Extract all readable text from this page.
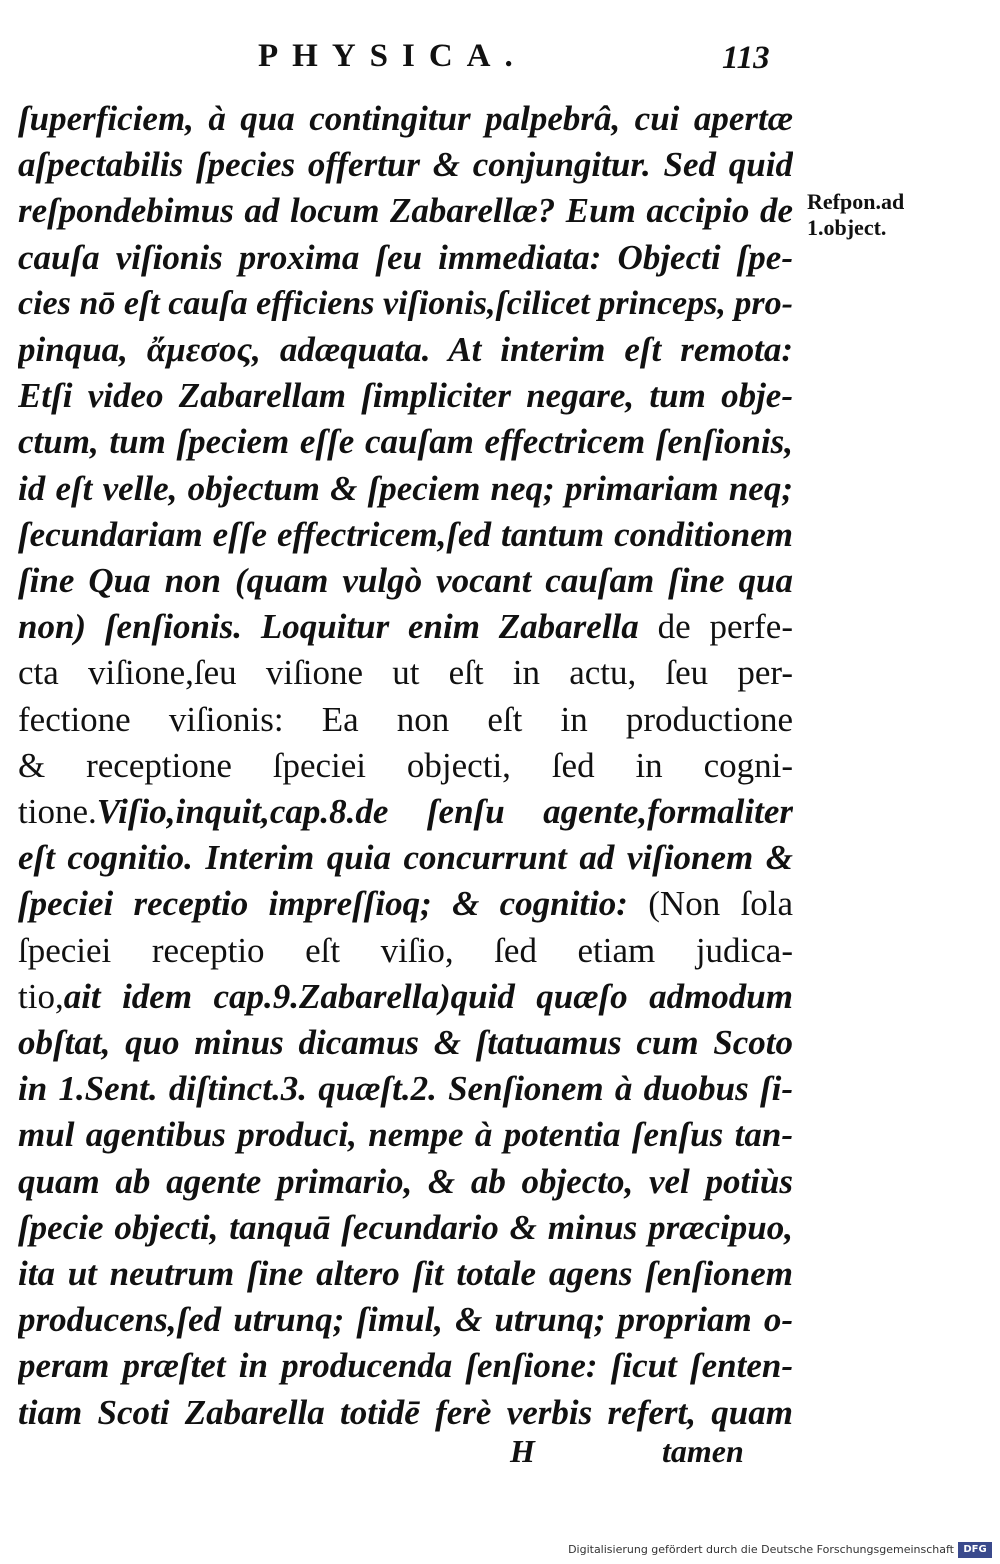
PHYSICA.	113
ſuperficiem, à qua contingitur palpebrâ, cui apertæ
aſpectabilis ſpecies offertur & conjungitur. Sed quid
reſpondebimus ad locum Zabarellæ? Eum accipio de
cauſa viſionis proxima ſeu immediata: Objecti ſpe-
cies nō eſt cauſa efficiens viſionis,ſcilicet princeps, pro-
pinqua, ἄμεσος, adæquata. At interim eſt remota:
Etſi video Zabarellam ſimpliciter negare, tum obje-
ctum, tum ſpeciem eſſe cauſam effectricem ſenſionis,
id eſt velle, objectum & ſpeciem neq; primariam neq;
ſecundariam eſſe effectricem,ſed tantum conditionem
ſine Qua non (quam vulgò vocant cauſam ſine qua
non) ſenſionis. Loquitur enim Zabarella de perfe-
cta viſione,ſeu viſione ut eſt in actu, ſeu per-
fectione viſionis: Ea non eſt in productione
& receptione ſpeciei objecti, ſed in cogni-
tione.Viſio,inquit,cap.8.de ſenſu agente,formaliter
eſt cognitio. Interim quia concurrunt ad viſionem &
ſpeciei receptio impreſſioq; & cognitio: (Non ſola
ſpeciei receptio eſt viſio, ſed etiam judica-
tio,ait idem cap.9.Zabarella)quid quæſo admodum
obſtat, quo minus dicamus & ſtatuamus cum Scoto
in 1.Sent. diſtinct.3. quæſt.2. Senſionem à duobus ſi-
mul agentibus produci, nempe à potentia ſenſus tan-
quam ab agente primario, & ab objecto, vel potiùs
ſpecie objecti, tanquā ſecundario & minus præcipuo,
ita ut neutrum ſine altero ſit totale agens ſenſionem
producens,ſed utrunq; ſimul, & utrunq; propriam o-
peram præſtet in producenda ſenſione: ſicut ſenten-
tiam Scoti Zabarella totidē ferè verbis refert, quam
Refpon.ad
1.object.
H	tamen
Digitalisierung gefördert durch die Deutsche Forschungsgemeinschaft DFG
